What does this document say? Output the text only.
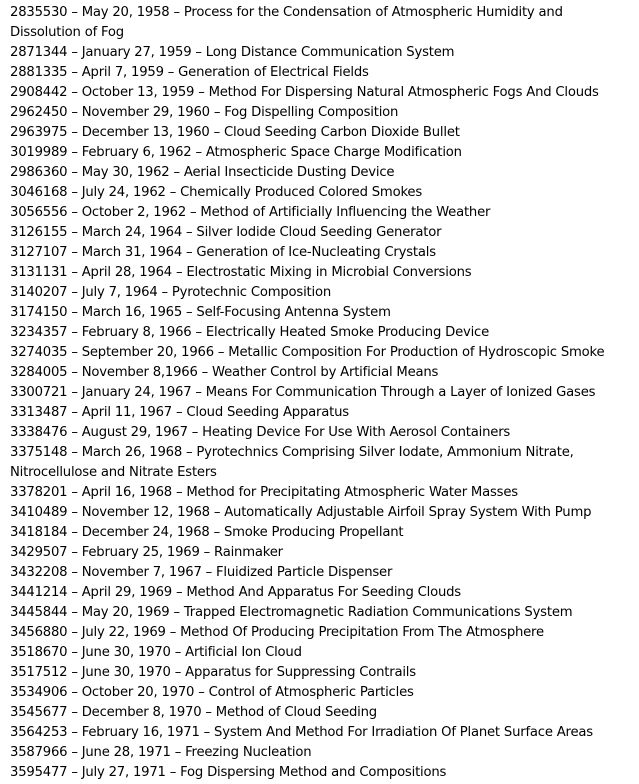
2835530 – May 20, 1958 – Process for the Condensation of Atmospheric Humidity and Dissolution of Fog
2871344 – January 27, 1959 – Long Distance Communication System
2881335 – April 7, 1959 – Generation of Electrical Fields
2908442 – October 13, 1959 – Method For Dispersing Natural Atmospheric Fogs And Clouds
2962450 – November 29, 1960 – Fog Dispelling Composition
2963975 – December 13, 1960 – Cloud Seeding Carbon Dioxide Bullet
3019989 – February 6, 1962 – Atmospheric Space Charge Modification
2986360 – May 30, 1962 – Aerial Insecticide Dusting Device
3046168 – July 24, 1962 – Chemically Produced Colored Smokes
3056556 – October 2, 1962 – Method of Artificially Influencing the Weather
3126155 – March 24, 1964 – Silver Iodide Cloud Seeding Generator
3127107 – March 31, 1964 – Generation of Ice-Nucleating Crystals
3131131 – April 28, 1964 – Electrostatic Mixing in Microbial Conversions
3140207 – July 7, 1964 – Pyrotechnic Composition
3174150 – March 16, 1965 – Self-Focusing Antenna System
3234357 – February 8, 1966 – Electrically Heated Smoke Producing Device
3274035 – September 20, 1966 – Metallic Composition For Production of Hydroscopic Smoke
3284005 – November 8,1966 – Weather Control by Artificial Means
3300721 – January 24, 1967 – Means For Communication Through a Layer of Ionized Gases
3313487 – April 11, 1967 – Cloud Seeding Apparatus
3338476 – August 29, 1967 – Heating Device For Use With Aerosol Containers
3375148 – March 26, 1968 – Pyrotechnics Comprising Silver Iodate, Ammonium Nitrate, Nitrocellulose and Nitrate Esters
3378201 – April 16, 1968 – Method for Precipitating Atmospheric Water Masses
3410489 – November 12, 1968 – Automatically Adjustable Airfoil Spray System With Pump
3418184 – December 24, 1968 – Smoke Producing Propellant
3429507 – February 25, 1969 – Rainmaker
3432208 – November 7, 1967 – Fluidized Particle Dispenser
3441214 – April 29, 1969 – Method And Apparatus For Seeding Clouds
3445844 – May 20, 1969 – Trapped Electromagnetic Radiation Communications System
3456880 – July 22, 1969 – Method Of Producing Precipitation From The Atmosphere
3518670 – June 30, 1970 – Artificial Ion Cloud
3517512 – June 30, 1970 – Apparatus for Suppressing Contrails
3534906 – October 20, 1970 – Control of Atmospheric Particles
3545677 – December 8, 1970 – Method of Cloud Seeding
3564253 – February 16, 1971 – System And Method For Irradiation Of Planet Surface Areas
3587966 – June 28, 1971 – Freezing Nucleation
3595477 – July 27, 1971 – Fog Dispersing Method and Compositions
